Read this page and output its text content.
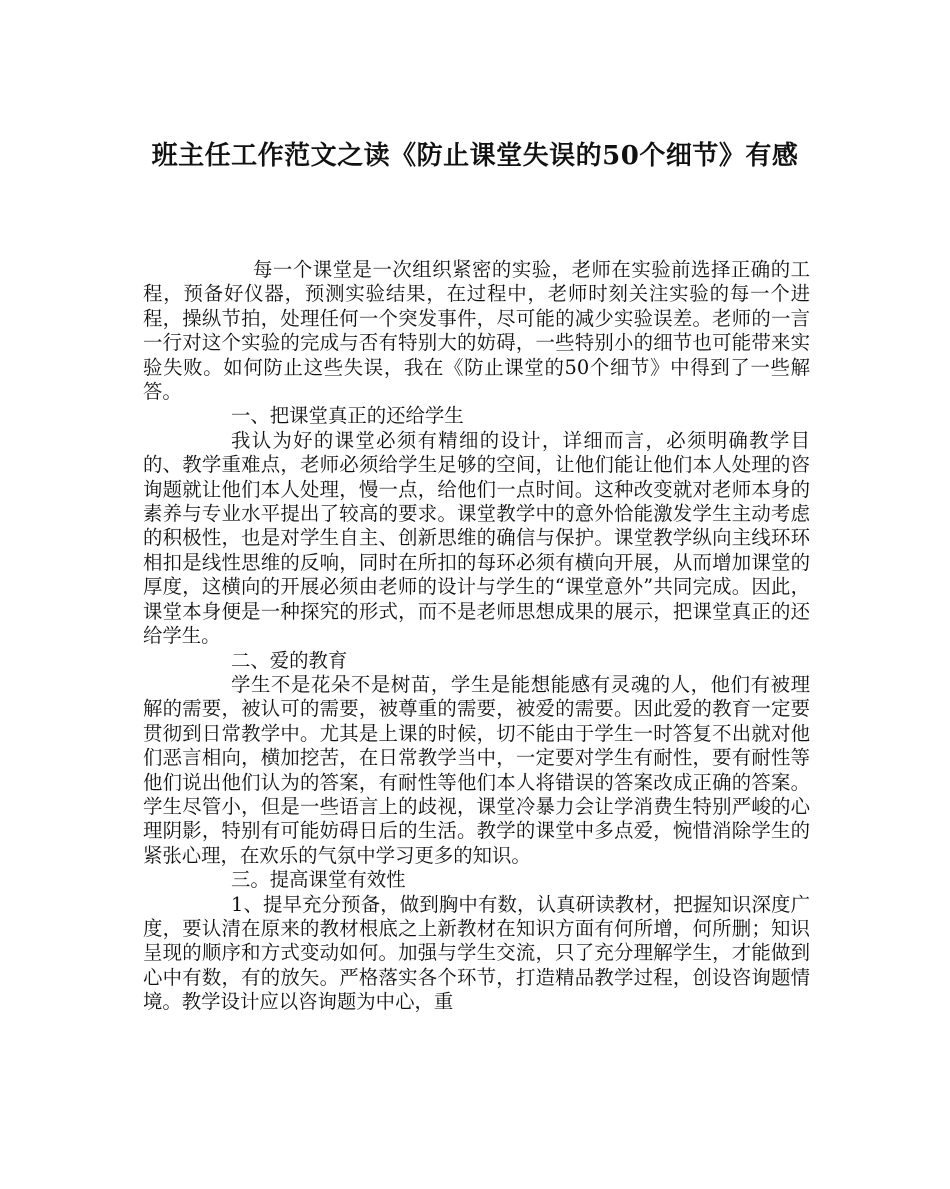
班主任工作范文之读《防止课堂失误的50个细节》有感

每一个课堂是一次组织紧密的实验，老师在实验前选择正确的工程，预备好仪器，预测实验结果，在过程中，老师时刻关注实验的每一个进程，操纵节拍，处理任何一个突发事件，尽可能的减少实验误差。老师的一言一行对这个实验的完成与否有特别大的妨碍，一些特别小的细节也可能带来实验失败。如何防止这些失误，我在《防止课堂的50个细节》中得到了一些解答。

一、把课堂真正的还给学生

我认为好的课堂必须有精细的设计，详细而言，必须明确教学目的、教学重难点，老师必须给学生足够的空间，让他们能让他们本人处理的咨询题就让他们本人处理，慢一点，给他们一点时间。这种改变就对老师本身的素养与专业水平提出了较高的要求。课堂教学中的意外恰能激发学生主动考虑的积极性，也是对学生自主、创新思维的确信与保护。课堂教学纵向主线环环相扣是线性思维的反响，同时在所扣的每环必须有横向开展，从而增加课堂的厚度，这横向的开展必须由老师的设计与学生的“课堂意外”共同完成。因此，课堂本身便是一种探究的形式，而不是老师思想成果的展示，把课堂真正的还给学生。

二、爱的教育

学生不是花朵不是树苗，学生是能想能感有灵魂的人，他们有被理解的需要，被认可的需要，被尊重的需要，被爱的需要。因此爱的教育一定要贯彻到日常教学中。尤其是上课的时候，切不能由于学生一时答复不出就对他们恶言相向，横加挖苦，在日常教学当中，一定要对学生有耐性，要有耐性等他们说出他们认为的答案，有耐性等他们本人将错误的答案改成正确的答案。学生尽管小，但是一些语言上的歧视，课堂冷暴力会让学消费生特别严峻的心理阴影，特别有可能妨碍日后的生活。教学的课堂中多点爱，惋惜消除学生的紧张心理，在欢乐的气氛中学习更多的知识。

三。提高课堂有效性

1、提早充分预备，做到胸中有数，认真研读教材，把握知识深度广度，要认清在原来的教材根底之上新教材在知识方面有何所增，何所删；知识呈现的顺序和方式变动如何。加强与学生交流，只了充分理解学生，才能做到心中有数，有的放矢。严格落实各个环节，打造精品教学过程，创设咨询题情境。教学设计应以咨询题为中心，重
